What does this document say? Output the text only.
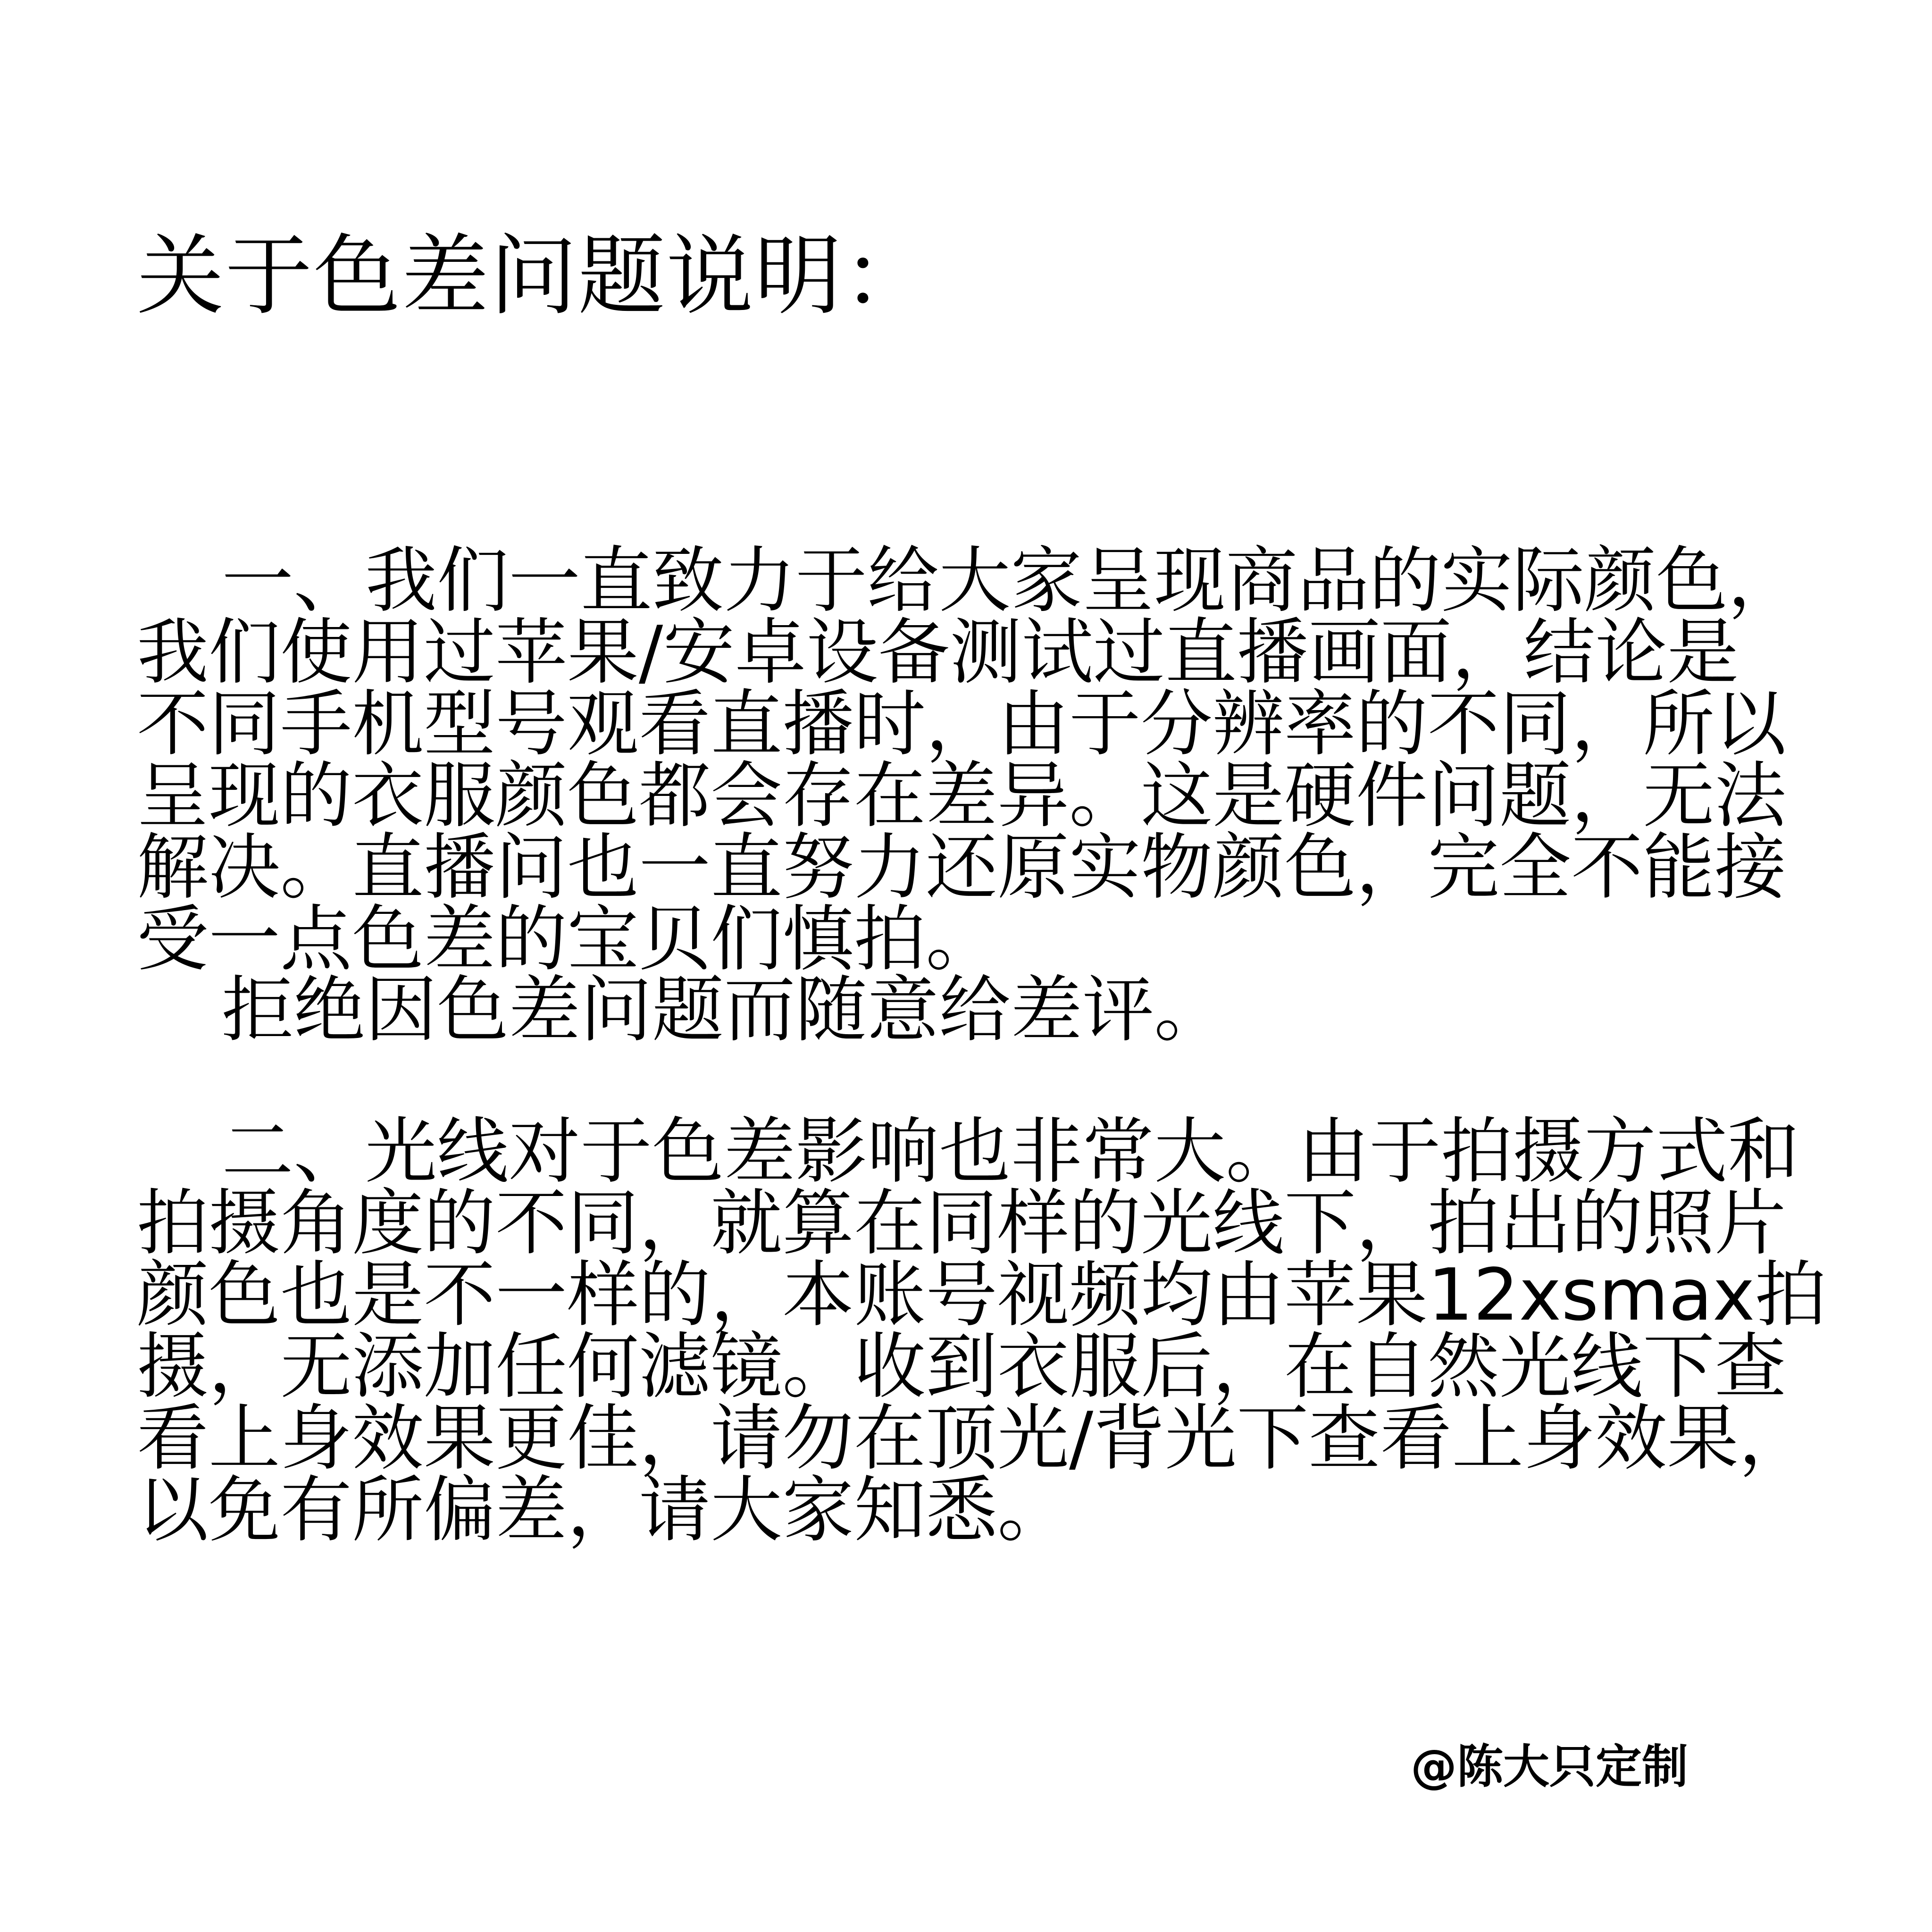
关于色差问题说明：
一、我们一直致力于给大家呈现商品的实际颜色，
我们使用过苹果/安卓设备测试过直播画面，结论是
不同手机型号观看直播时，由于分辨率的不同，所以
呈现的衣服颜色都会存在差异。这是硬件问题，无法
解决。直播问也一直努力还原实物颜色，完全不能接
受一点色差的宝贝们慎拍。
拒绝因色差问题而随意给差评。
二、光线对于色差影响也非常大。由于拍摄方式和
拍摄角度的不同，就算在同样的光线下，拍出的照片
颜色也是不一样的，本账号视频均由苹果12xsmax拍
摄，无添加任何滤镜。收到衣服后，在自然光线下查
看上身效果更佳，请勿在顶光/背光下查看上身效果，
以免有所偏差，请大家知悉。
@陈大只定制
